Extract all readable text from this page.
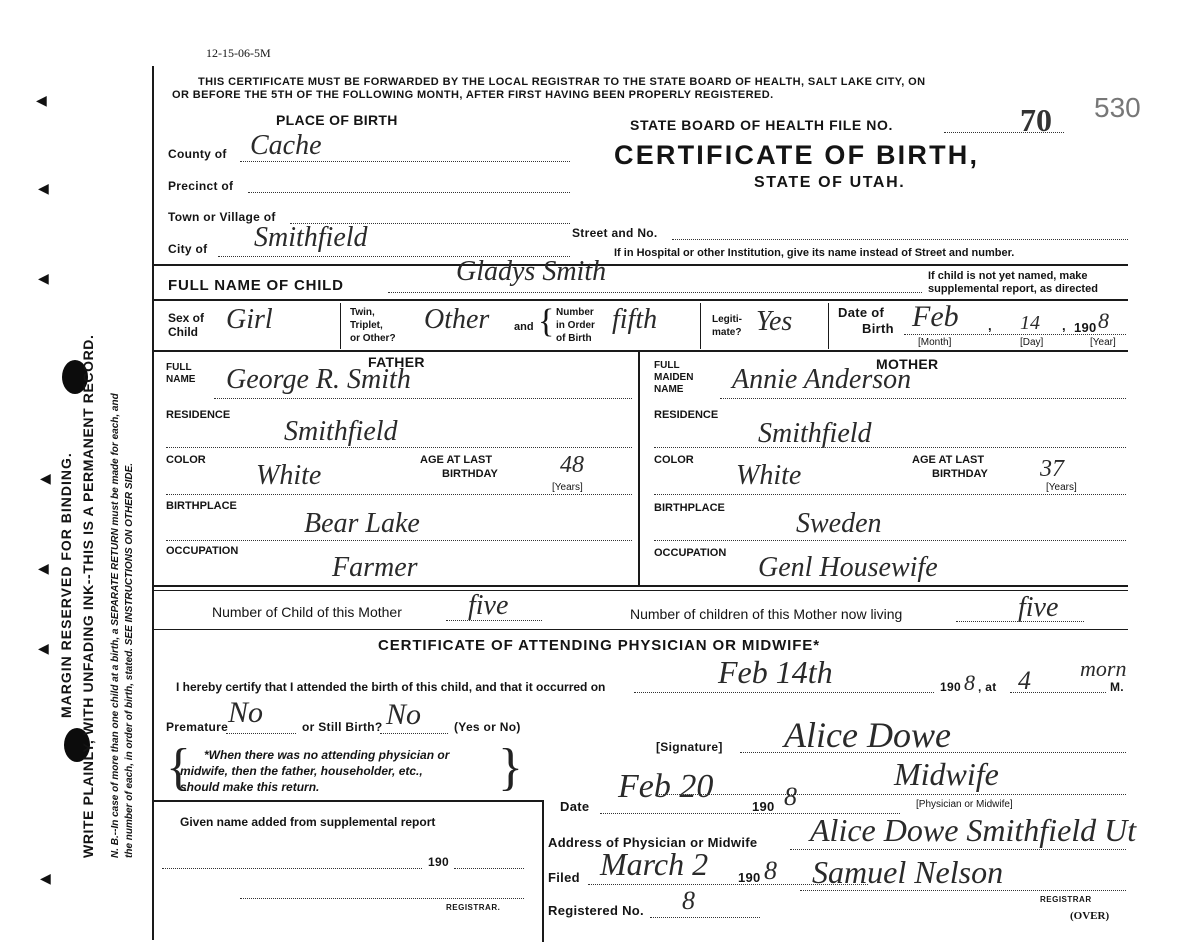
◀
◀
◀
◀
◀
◀
◀
MARGIN RESERVED FOR BINDING. WRITE PLAINLY, WITH UNFADING INK--THIS IS A PERMANENT RECORD. N. B.--In case of more than one child at a birth, a SEPARATE RETURN must be made for each, and the number of each, in order of birth, stated. SEE INSTRUCTIONS ON OTHER SIDE.
12-15-06-5M
THIS CERTIFICATE MUST BE FORWARDED BY THE LOCAL REGISTRAR TO THE STATE BOARD OF HEALTH, SALT LAKE CITY, ON
OR BEFORE THE 5TH OF THE FOLLOWING MONTH, AFTER FIRST HAVING BEEN PROPERLY REGISTERED.
PLACE OF BIRTH
County of Cache
Precinct of
Town or Village of
City of Smithfield	Street and No.
If in Hospital or other Institution, give its name instead of Street and number.
STATE BOARD OF HEALTH FILE NO.	70 530
CERTIFICATE OF BIRTH,
STATE OF UTAH.
FULL NAME OF CHILD	Gladys Smith	If child is not yet named, make
supplemental report, as directed
Sex of
Child Girl	Twin,
Triplet,
or Other?
Other and { Number
in Order
of Birth
fifth	Legiti-
mate? Yes	Date of
Birth Feb , 14 , 190 8
[Month]	[Day]	[Year]
FATHER
FULL
NAME George R. Smith
RESIDENCE
Smithfield
COLOR White	AGE AT LAST
BIRTHDAY	48
[Years]
BIRTHPLACE
Bear Lake
OCCUPATION
Farmer
MOTHER
FULL
MAIDEN
NAME Annie Anderson
RESIDENCE
Smithfield
COLOR White	AGE AT LAST
BIRTHDAY 37
[Years]
BIRTHPLACE	Sweden
OCCUPATION Genl Housewife
Number of Child of this Mother five	Number of children of this Mother now living	five
CERTIFICATE OF ATTENDING PHYSICIAN OR MIDWIFE*
I hereby certify that I attended the birth of this child, and that it occurred on	Feb 14th	190 8 , at 4 morn
M.
Premature No	or Still Birth? No	(Yes or No)
{ *When there was no attending physician or
midwife, then the father, householder, etc.,
should make this return.	}	[Signature] Alice Dowe
Midwife
[Physician or Midwife]
Date
Feb 20
190 8
Address of Physician or Midwife Alice Dowe Smithfield Ut
Given name added from supplemental report
190
REGISTRAR.
Filed March 2 190 8 Samuel Nelson
REGISTRAR
Registered No. 8
(OVER)
